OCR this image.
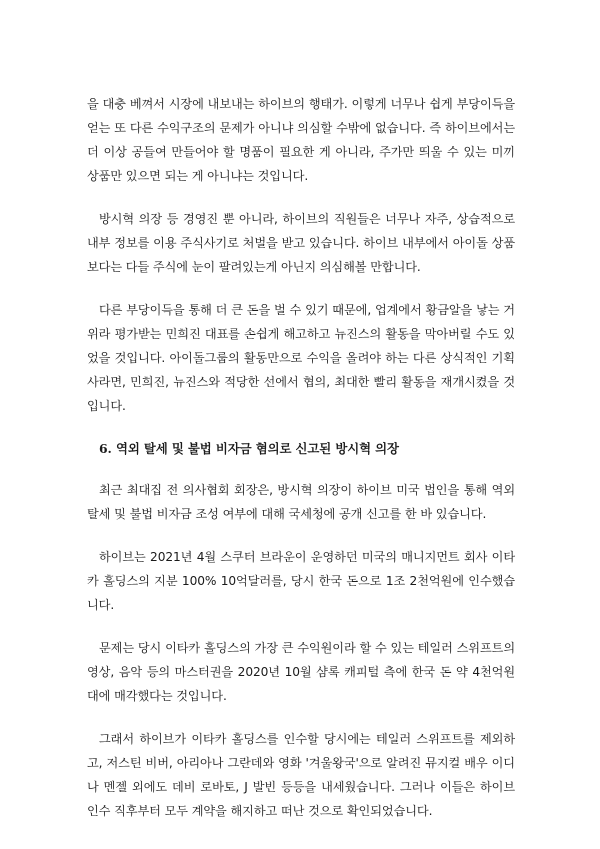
을 대충 베껴서 시장에 내보내는 하이브의 행태가. 이렇게 너무나 쉽게 부당이득을 얻는 또 다른 수익구조의 문제가 아니냐 의심할 수밖에 없습니다. 즉 하이브에서는 더 이상 공들여 만들어야 할 명품이 필요한 게 아니라, 주가만 띄울 수 있는 미끼 상품만 있으면 되는 게 아니냐는 것입니다.

방시혁 의장 등 경영진 뿐 아니라, 하이브의 직원들은 너무나 자주, 상습적으로 내부 정보를 이용 주식사기로 처벌을 받고 있습니다. 하이브 내부에서 아이돌 상품 보다는 다들 주식에 눈이 팔려있는게 아닌지 의심해볼 만합니다.

다른 부당이득을 통해 더 큰 돈을 벌 수 있기 때문에, 업계에서 황금알을 낳는 거위라 평가받는 민희진 대표를 손쉽게 해고하고 뉴진스의 활동을 막아버릴 수도 있었을 것입니다. 아이돌그룹의 활동만으로 수익을 올려야 하는 다른 상식적인 기획사라면, 민희진, 뉴진스와 적당한 선에서 협의, 최대한 빨리 활동을 재개시켰을 것입니다.

6. 역외 탈세 및 불법 비자금 혐의로 신고된 방시혁 의장

최근 최대집 전 의사협회 회장은, 방시혁 의장이 하이브 미국 법인을 통해 역외 탈세 및 불법 비자금 조성 여부에 대해 국세청에 공개 신고를 한 바 있습니다.

하이브는 2021년 4월 스쿠터 브라운이 운영하던 미국의 매니지먼트 회사 이타카 홀딩스의 지분 100% 10억달러를, 당시 한국 돈으로 1조 2천억원에 인수했습니다.

문제는 당시 이타카 홀딩스의 가장 큰 수익원이라 할 수 있는 테일러 스위프트의 영상, 음악 등의 마스터권을 2020년 10월 샴록 캐피털 측에 한국 돈 약 4천억원대에 매각했다는 것입니다.

그래서 하이브가 이타카 홀딩스를 인수할 당시에는 테일러 스위프트를 제외하고, 저스틴 비버, 아리아나 그란데와 영화 '겨울왕국'으로 알려진 뮤지컬 배우 이디나 멘젤 외에도 데비 로바토, J 발빈 등등을 내세웠습니다. 그러나 이들은 하이브 인수 직후부터 모두 계약을 해지하고 떠난 것으로 확인되었습니다.
